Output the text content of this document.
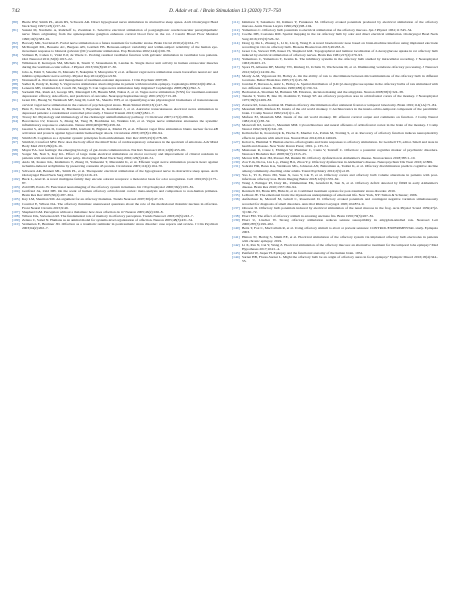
742	D. Adair et al. / Brain Stimulation 13 (2020) 717–750
[80] Bierle DW, Smith PL, Alam DS, Schwartz AR. Direct hypoglossal nerve stimulation in obstructive sleep apnea. Arch Otolaryngol Head Neck Surg 1997;123(1):57–61.
[81] Suzuki M, Nardiello A, Rohrhoff G, Zweiman C. Selective electrical stimulation of postganglionic cerebrovascular parasympathetic nerve fibers originating from the sphenopalatine ganglion enhances cortical blood flow in the rat. J Cerebr Blood Flow Metabol 1990;10(3):383–91.
[82] Borsody MK, Sacristan E. Facial nerve stimulation as a future treatment for ischemic stroke. Brain Circul 2016;2(4):164–77.
[83] McDougall ML, Bessette AC, Burgess AW, Gottlieb HS. Between-subject variability and within-subject reliability of the human eye-movement response to bilateral galvanic (DC) vestibular stimulation. Exp Brain Res 2002;144(1):69–78.
[84] Vallieux B, Cohen C, Vidal P-P, de Waele C. Probing residual vestibular function with galvanic stimulation in vestibular loss patients. Otol Neurotol 2011;32(6):1015–22.
[85] Wilkinson P, Kernayan SM, Michels R, Sturm V, Strausmann D, Landau K. Single motor unit activity in human extraocular muscles during the vestibulo-ocular reflex. J Physiol 2013;591(8):2017–30.
[86] Joho A, Eshii T, Sakamo N, Matsuda Y, Nakajima T, Murayama Y, et al. Afferent vagal nerve stimulation resets baroreflex neural arc and inhibits sympathetic nerve activity. Physiol Rep 2014;2(9):e12136.
[87] Nonnenoff A. Prevalence and management of treatment-resistant depression. J Clin Psychiatr 2007;68.
[88] Sadler R, Purdy R, Kalisy S. Vagal nerve stimulation aborts migraine in patient with intractable epilepsy. Cephalalgia 2002;22(6):482–4.
[89] Lenaerts ME, Oommen KJ, Couch JR, Skaggs V. Can vagus nerve stimulation help migraine? Cephalalgia 2008;28(4):392–5.
[90] Sackeim HA, Rush AJ, George MS, Marangell LB, Husain MM, Nahas Z, et al. Vagus nerve stimulation (VNS) for treatment-resistant depression: efficacy, side effects, and predictors of outcome. Neuropsychopharmacology 2001;25(5):713–28.
[91] Grant DC, Huang W, Weinbach MF, Jung M, Laidl SL, Shardlo WH, et al. Quantifying acute physiological biomarkers of transcutaneous cervical vagal nerve stimulation in the context of psychological stress. Brain Stimul 2020;13(1):47–59.
[92] Hein E, Nowak M, Kiess O, Biermann T, Bayerlein K, Kornhuber J, et al. Auricular transcutaneous electrical nerve stimulation in depressed patients: a randomized controlled pilot study. J Neural Transm 2013;120(5):821–7.
[93] Tracey KJ. Physiology and immunology of the cholinergic antiinflammatory pathway. J Clin Invest 2007;117(2):289–96.
[94] Borovikova LV, Ivanova S, Zhang M, Yang H, Botchkina GI, Watkins LR, et al. Vagus nerve stimulation attenuates the systemic inflammatory response to endotoxin. Nature 2000;405(6785):458–62.
[95] Guarini S, Altavilla D, Cainazzo MM, Giuliani D, Bigiani A, Marini H, et al. Efferent vagal fibre stimulation blunts nuclear factor-kB activation and protects against hypovolemic hemorrhagic shock. Circulation 2003;107(8):1189–94.
[96] Smith LB. Cognition as a dynamic system: principles from embodiment. Dev Rev 2005;25(3):278–98.
[97] Smith R, Crawford MW. How does the body affect the mind? Role of cardiorespiratory coherence in the spectrum of emotions. Adv Mind Body Med 2013;28(4):6–16.
[98] Mayer EA. Gut feelings: the emerging biology of gut–brain communication. Nat Rev Neurosci 2011;12(8):453–66.
[99] Sorger SK, Nair S, Kay KL. Effect of large trunk electrical stimulation on motor recovery and improvement of clinical residuals in patients with uncertain facial nerve palsy. Otolaryngol Head Neck Surg 2002;126(3):246–51.
[100] Ando M, Katare KG, Kishimura T, Zhang D, Yamazaki T, Muranishi K, et al. Efferent vagal nerve stimulation protects heart against ischemia-induced arrhythmias by preserving connexin 43 protein. Circulation 2005;112(2):164–70.
[101] Schwartz AR, Bennett ML, Smith PL, et al. Therapeutic electrical stimulation of the hypoglossal nerve in obstructive sleep apnea. Arch Otolaryngol Head Neck Surg 2001;127(10):1216–23.
[102] Buck L, Axel R. A novel multigene family may encode odorant receptors: a molecular basis for odor recognition. Cell 1991;65(1):175–87.
[103] Zald DH, Pardo JV. Functional neuroimaging of the olfactory system in humans. Int J Psychophysiol 2000;36(2):165–81.
[104] Gottfried JA, Zald DH. On the scent of human olfactory orbitofrontal cortex: meta-analysis and comparison to non-human primates. Brain Res Rev 2005;50(2):287–304.
[105] Kay LM, Sherman SM. An argument for an olfactory thalamus. Trends Neurosci 2007;30(2):47–53.
[106] Courtiol E, Wilson DA. The olfactory thalamus: unanswered questions about the role of the mediodorsal thalamic nucleus in olfaction. Front Neural Circuits 2015;9:49.
[107] Shepherd GM. Perception without a thalamus: how does olfaction do it? Neuron 2005;46(2):166–8.
[108] Wilson DA, Stevenson RJ. The fundamental role of memory in olfactory perception. Trends Neurosci 2003;26(5):243–7.
[109] Zelano C, Sobel N. Humans as an animal model for systems-level organization of olfaction. Neuron 2005;48(3):431–54.
[110] Vermetten E, Bremner JD. Olfaction as a traumatic reminder in posttraumatic stress disorder: case reports and review. J Clin Psychiatr 2003;64(2):202–7.
[111] Ishimaru T, Sakumoto M, Kimura Y, Furukawa M. Olfactory evoked potentials produced by electrical stimulation of the olfactory mucosa. Auris Nasus Larynx 1996;23(2):98–104.
[112] Yamamoto C. Olfactory bulb potentials to electrical stimulation of the olfactory mucosa. Jpn J Physiol 1961;11:545–54.
[113] Coelho DH, Costanzo RM. Spatial mapping in the rat olfactory bulb by odor and direct electrical stimulation. Otolaryngol Head Neck Surg 2016;155(3):526–32.
[114] Dong Q, Du L, Zhuang L, Li R, Liu Q, Wang P. A novel bioelectronic nose based on brain-machine interface using implanted electrode recording in vivo in olfactory bulb. Biosens Bioelectron 2013;49:263–9.
[115] Greer CA, Stewart WB, Kauer JS, Shepherd GM. Topographical and laminar localization of 2-deoxyglucose uptake in rat olfactory bulb induced by electrical stimulation of olfactory nerves. Brain Res 1981;217(2):279–93.
[116] Yamamoto C, Yamamoto T, Iwama K. The inhibitory systems in the olfactory bulb studied by intracellular recording. J Neurophysiol 1963;26:403–15.
[117] Spors H, Albeanu DF, Murthy VN, Rinberg D, Uchida N, Wachowiak M, et al. Illuminating vertebrate olfactory processing. J Neurosci 2012;32(41):14102–8a.
[118] Mouly A-M, Vigouroux M, Holley A. On the ability of rats to discriminate between microstimulations of the olfactory bulb in different locations. Behav Brain Res 1985;17(1):45–58.
[119] Jourdan F, Duveau A, Astic L, Holley A. Spatial distribution of [14C]2-deoxyglucose uptake in the olfactory bulbs of rats stimulated with two different odours. Brain Res 1980;188(1):139–54.
[120] Bedrosian A, Sharman M, Hamann SB. Emotion, decision making and the amygdala. Neuron 2008;58(3):324–38.
[121] Tanabe T, Yarita H, Iino M, Ooshima Y, Takagi SF. An olfactory projection area in orbitofrontal cortex of the monkey. J Neurophysiol 1975;38(5):1269–83.
[122] Zatorre RJ, Jones-Gotman M. Human olfactory discrimination after unilateral frontal or temporal lobectomy. Brain 1991;114(1A):71–84.
[123] Mesulam MM, Mufson EJ. Insula of the old world monkey. I: Architectonics in the insulo-orbito-temporal component of the paralimbic brain. J Comp Neurol 1982;212(1):1–22.
[124] Mufson EJ, Mesulam MM. Insula of the old world monkey. III: efferent cortical output and comments on function. J Comp Neurol 1982;212(1):38–52.
[125] Morecraft RJ, Geula C, Mesulam MM. Cytoarchitecture and neural afferents of orbitofrontal cortex in the brain of the monkey. J Comp Neurol 1992;323(3):341–58.
[126] Kollndorfer K, Kowalczyk K, Hoche E, Mueller CA, Pollak M, Trattnig S, et al. Recovery of olfactory function induces neuroplasticity effects in patients with smell loss. Neural Plast 2014;2014:140419.
[127] Kobal G, Hummel T. Human electro-olfactograms and brain responses to olfactory stimulation. In: Getchell TV, editor. Smell and taste in health and disease. New York: Raven Press; 1991. p. 135–51.
[128] Mustonen R, Crane J, Ehlinger W, Plummer C, Cania V, Tetzlaff C. Olfaction: a potential cognitive marker of psychiatric disorders. Neurosci Biobehav Rev 2008;32(7):1315–25.
[129] Mercer KB, Rost JM, Presser JM, Ruskin JR. Olfactory dysfunction in Alzheimer's disease. Neuroscience 2018;385:1–10.
[130] Zou Y-m, Da Lu, Liu L-p, Zhang H-h, Zhou Y-y. Olfactory dysfunction in Alzheimer's disease. Neuropsychiatr Dis Treat 2016;12:869.
[131] Sohrabi HR, Bates KA, Weinborn MG, Johnston AN, Bahramian A, Taddei K, et al. Olfactory discrimination predicts cognitive decline among community-dwelling older adults. Transl Psychiatry 2012;2(5):e118.
[132] Yao L, Yi X, Pinto JM, Yuan X, Guo Y, Liu Y, et al. Olfactory cortex and olfactory bulb volume alterations in patients with post-infectious olfactory loss. Brain Imaging Behav 2018;12(5):1355–62.
[133] Wang J, Eslinger PJ, Doty RL, Zimmerman EK, Grunfeld R, Sun X, et al. Olfactory deficit detected by fMRI in early Alzheimer's disease. Brain Res 2010;1357:184–94.
[134] Rentzsch JD, Brans RW, Birks R, et al. Combined treatment options for post-traumatic stress disorder. 2016.
[135] LeDoux JE. The emotional brain: the mysterious underpinnings of emotional life. New York, NY: Simon & Schuster; 1996.
[136] Aufderhaar K, Metcalf M, Grindl C, Rosenwald D. Olfactory evoked potentials and contingent negative variation simultaneously recorded for diagnosis of smell disorders. Ann Otol Rhinol Laryngol 1995;104:874–9.
[137] Ottoson D. Olfactory bulb potentials induced by electrical stimulation of the nasal mucosa in the frog. Acta Physiol Scand 1959;47(2-3):160–72.
[138] Ebert FM. The effect of olfactory stimuli in arresting uncinate fits. Brain 1956;79(3):267–81.
[139] Ebert U, Löscher W. Strong olfactory stimulation reduces seizure susceptibility in amygdala-kindled rats. Neurosci Lett 2000;287(3):199–202.
[140] Betts T, Fox C, MacCallum R, et al. Using olfactory stimuli to abort or prevent seizures: CONTROL/EXPERIMENTAL study. Epilepsia 2003.
[141] Hinton TJ, Herbig S, Smith EE, et al. Electrical stimulation of the olfactory system via implanted olfactory bulb electrodes in patients with chronic epilepsy. 2019.
[142] Li X, Pan N, Cui Y, Wang Z. Electrical stimulation of the olfactory mucosa: an alternative treatment for the temporal lobe epilepsy? Med Hypotheses 2017;104:1–4.
[143] Penfield W, Jasper H. Epilepsy and the functional anatomy of the human brain. 1954.
[144] Sarnat HB, Flores-Sarnat L. Might the olfactory bulb be an origin of olfactory auras in focal epilepsy? Epileptic Disord 2016;18(4):344–55.
